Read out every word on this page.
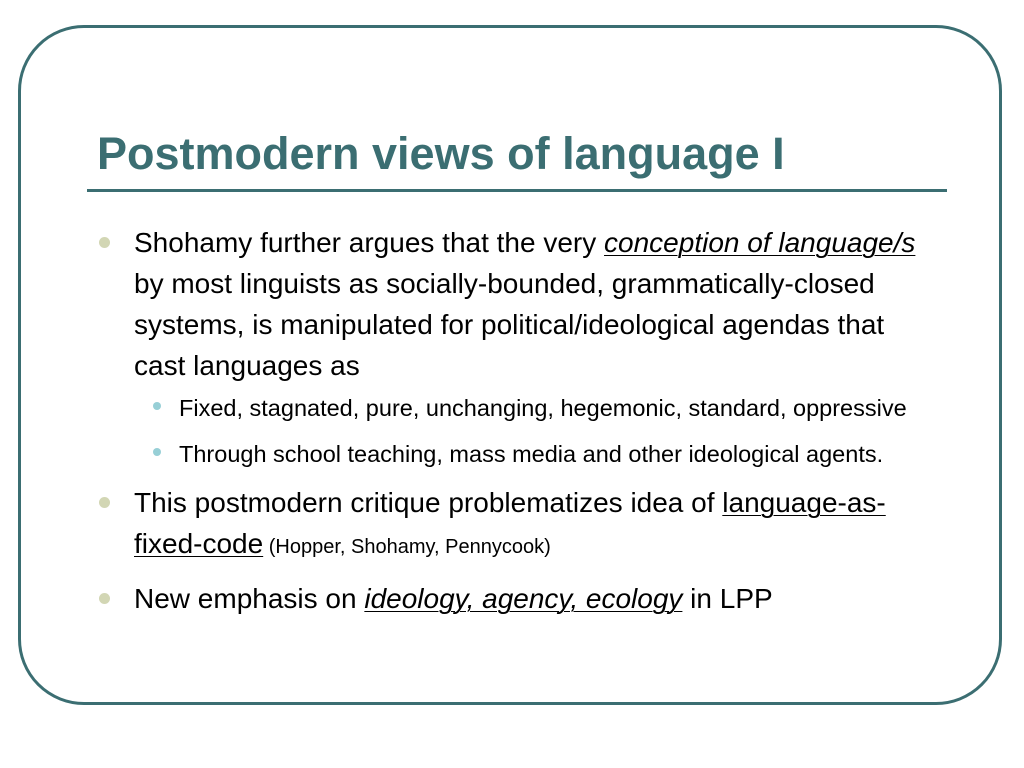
Postmodern views of language I
Shohamy further argues that the very conception of language/s by most linguists as socially-bounded, grammatically-closed systems, is manipulated for political/ideological agendas that cast languages as
Fixed, stagnated, pure, unchanging, hegemonic, standard, oppressive
Through school teaching, mass media and other ideological agents.
This postmodern critique problematizes idea of language-as-fixed-code (Hopper, Shohamy, Pennycook)
New emphasis on ideology, agency, ecology in LPP
